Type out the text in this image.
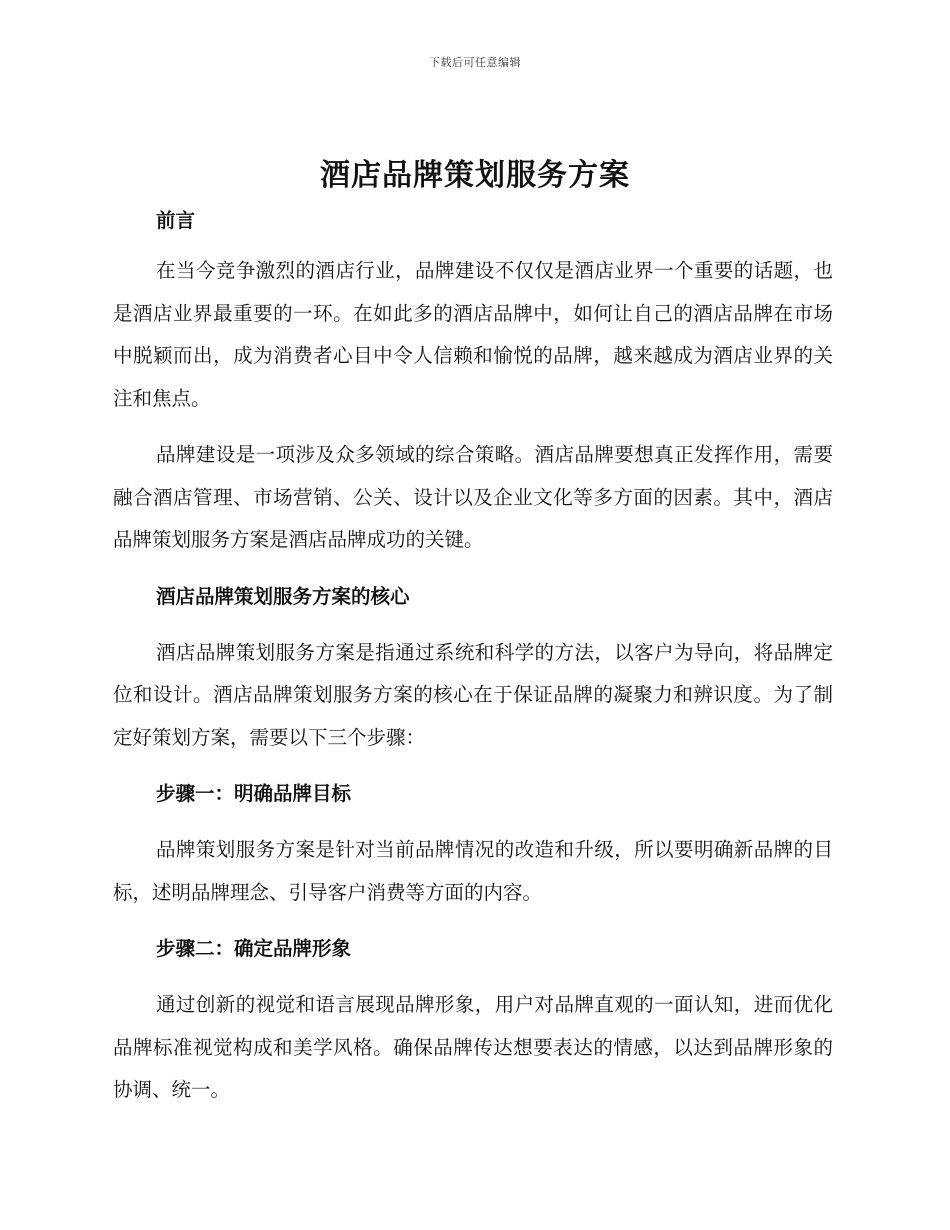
下载后可任意编辑
酒店品牌策划服务方案
前言

在当今竞争激烈的酒店行业，品牌建设不仅仅是酒店业界一个重要的话题，也是酒店业界最重要的一环。在如此多的酒店品牌中，如何让自己的酒店品牌在市场中脱颖而出，成为消费者心目中令人信赖和愉悦的品牌，越来越成为酒店业界的关注和焦点。

品牌建设是一项涉及众多领域的综合策略。酒店品牌要想真正发挥作用，需要融合酒店管理、市场营销、公关、设计以及企业文化等多方面的因素。其中，酒店品牌策划服务方案是酒店品牌成功的关键。

酒店品牌策划服务方案的核心

酒店品牌策划服务方案是指通过系统和科学的方法，以客户为导向，将品牌定位和设计。酒店品牌策划服务方案的核心在于保证品牌的凝聚力和辨识度。为了制定好策划方案，需要以下三个步骤：

步骤一：明确品牌目标

品牌策划服务方案是针对当前品牌情况的改造和升级，所以要明确新品牌的目标，述明品牌理念、引导客户消费等方面的内容。

步骤二：确定品牌形象

通过创新的视觉和语言展现品牌形象，用户对品牌直观的一面认知，进而优化品牌标准视觉构成和美学风格。确保品牌传达想要表达的情感，以达到品牌形象的协调、统一。
